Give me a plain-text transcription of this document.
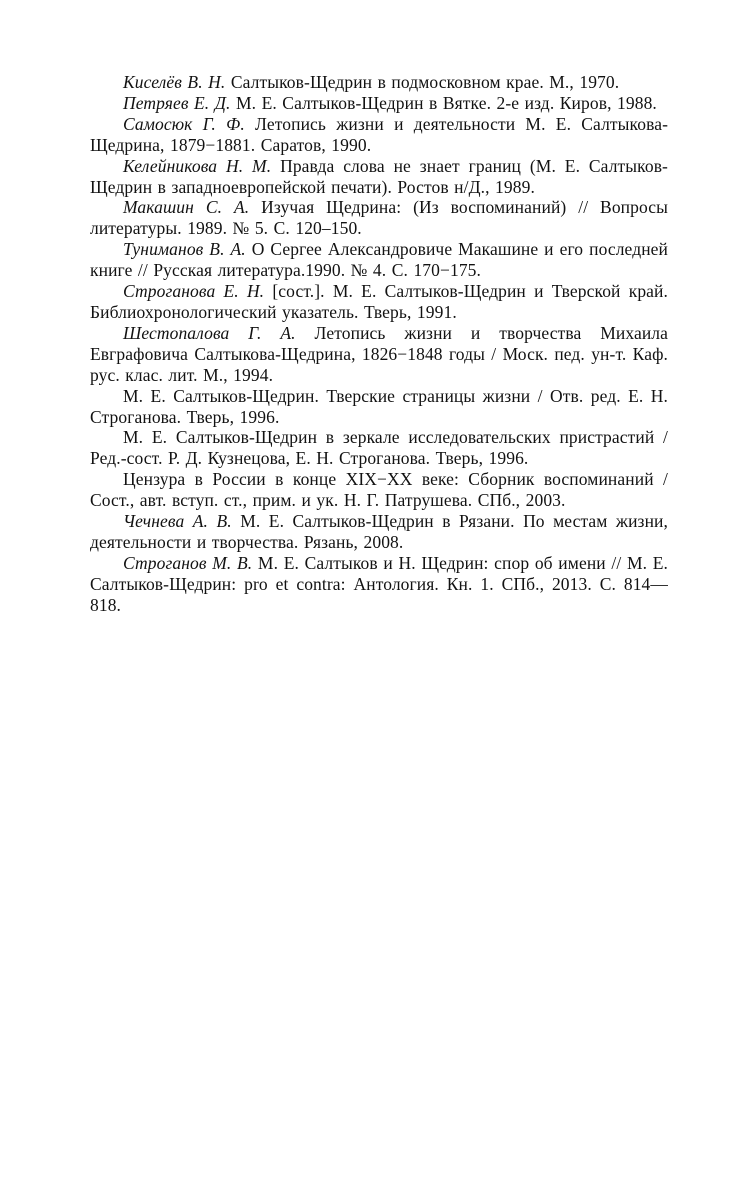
Киселёв В. Н. Салтыков-Щедрин в подмосковном крае. М., 1970.

Петряев Е. Д. М. Е. Салтыков-Щедрин в Вятке. 2-е изд. Киров, 1988.

Самосюк Г. Ф. Летопись жизни и деятельности М. Е. Салтыкова-Щедрина, 1879−1881. Саратов, 1990.

Келейникова Н. М. Правда слова не знает границ (М. Е. Салтыков-Щедрин в западноевропейской печати). Ростов н/Д., 1989.

Макашин С. А. Изучая Щедрина: (Из воспоминаний) // Вопросы литературы. 1989. № 5. С. 120–150.

Туниманов В. А. О Сергее Александровиче Макашине и его последней книге // Русская литература.1990. № 4. С. 170−175.

Строганова Е. Н. [сост.]. М. Е. Салтыков-Щедрин и Тверской край. Библиохронологический указатель. Тверь, 1991.

Шестопалова Г. А. Летопись жизни и творчества Михаила Евграфовича Салтыкова-Щедрина, 1826−1848 годы / Моск. пед. ун-т. Каф. рус. клас. лит. М., 1994.

М. Е. Салтыков-Щедрин. Тверские страницы жизни / Отв. ред. Е. Н. Строганова. Тверь, 1996.

М. Е. Салтыков-Щедрин в зеркале исследовательских пристрастий / Ред.-сост. Р. Д. Кузнецова, Е. Н. Строганова. Тверь, 1996.

Цензура в России в конце XIX−XX веке: Сборник воспоминаний / Сост., авт. вступ. ст., прим. и ук. Н. Г. Патрушева. СПб., 2003.

Чечнева А. В. М. Е. Салтыков-Щедрин в Рязани. По местам жизни, деятельности и творчества. Рязань, 2008.

Строганов М. В. М. Е. Салтыков и Н. Щедрин: спор об имени // М. Е. Салтыков-Щедрин: pro et contra: Антология. Кн. 1. СПб., 2013. С. 814—818.
